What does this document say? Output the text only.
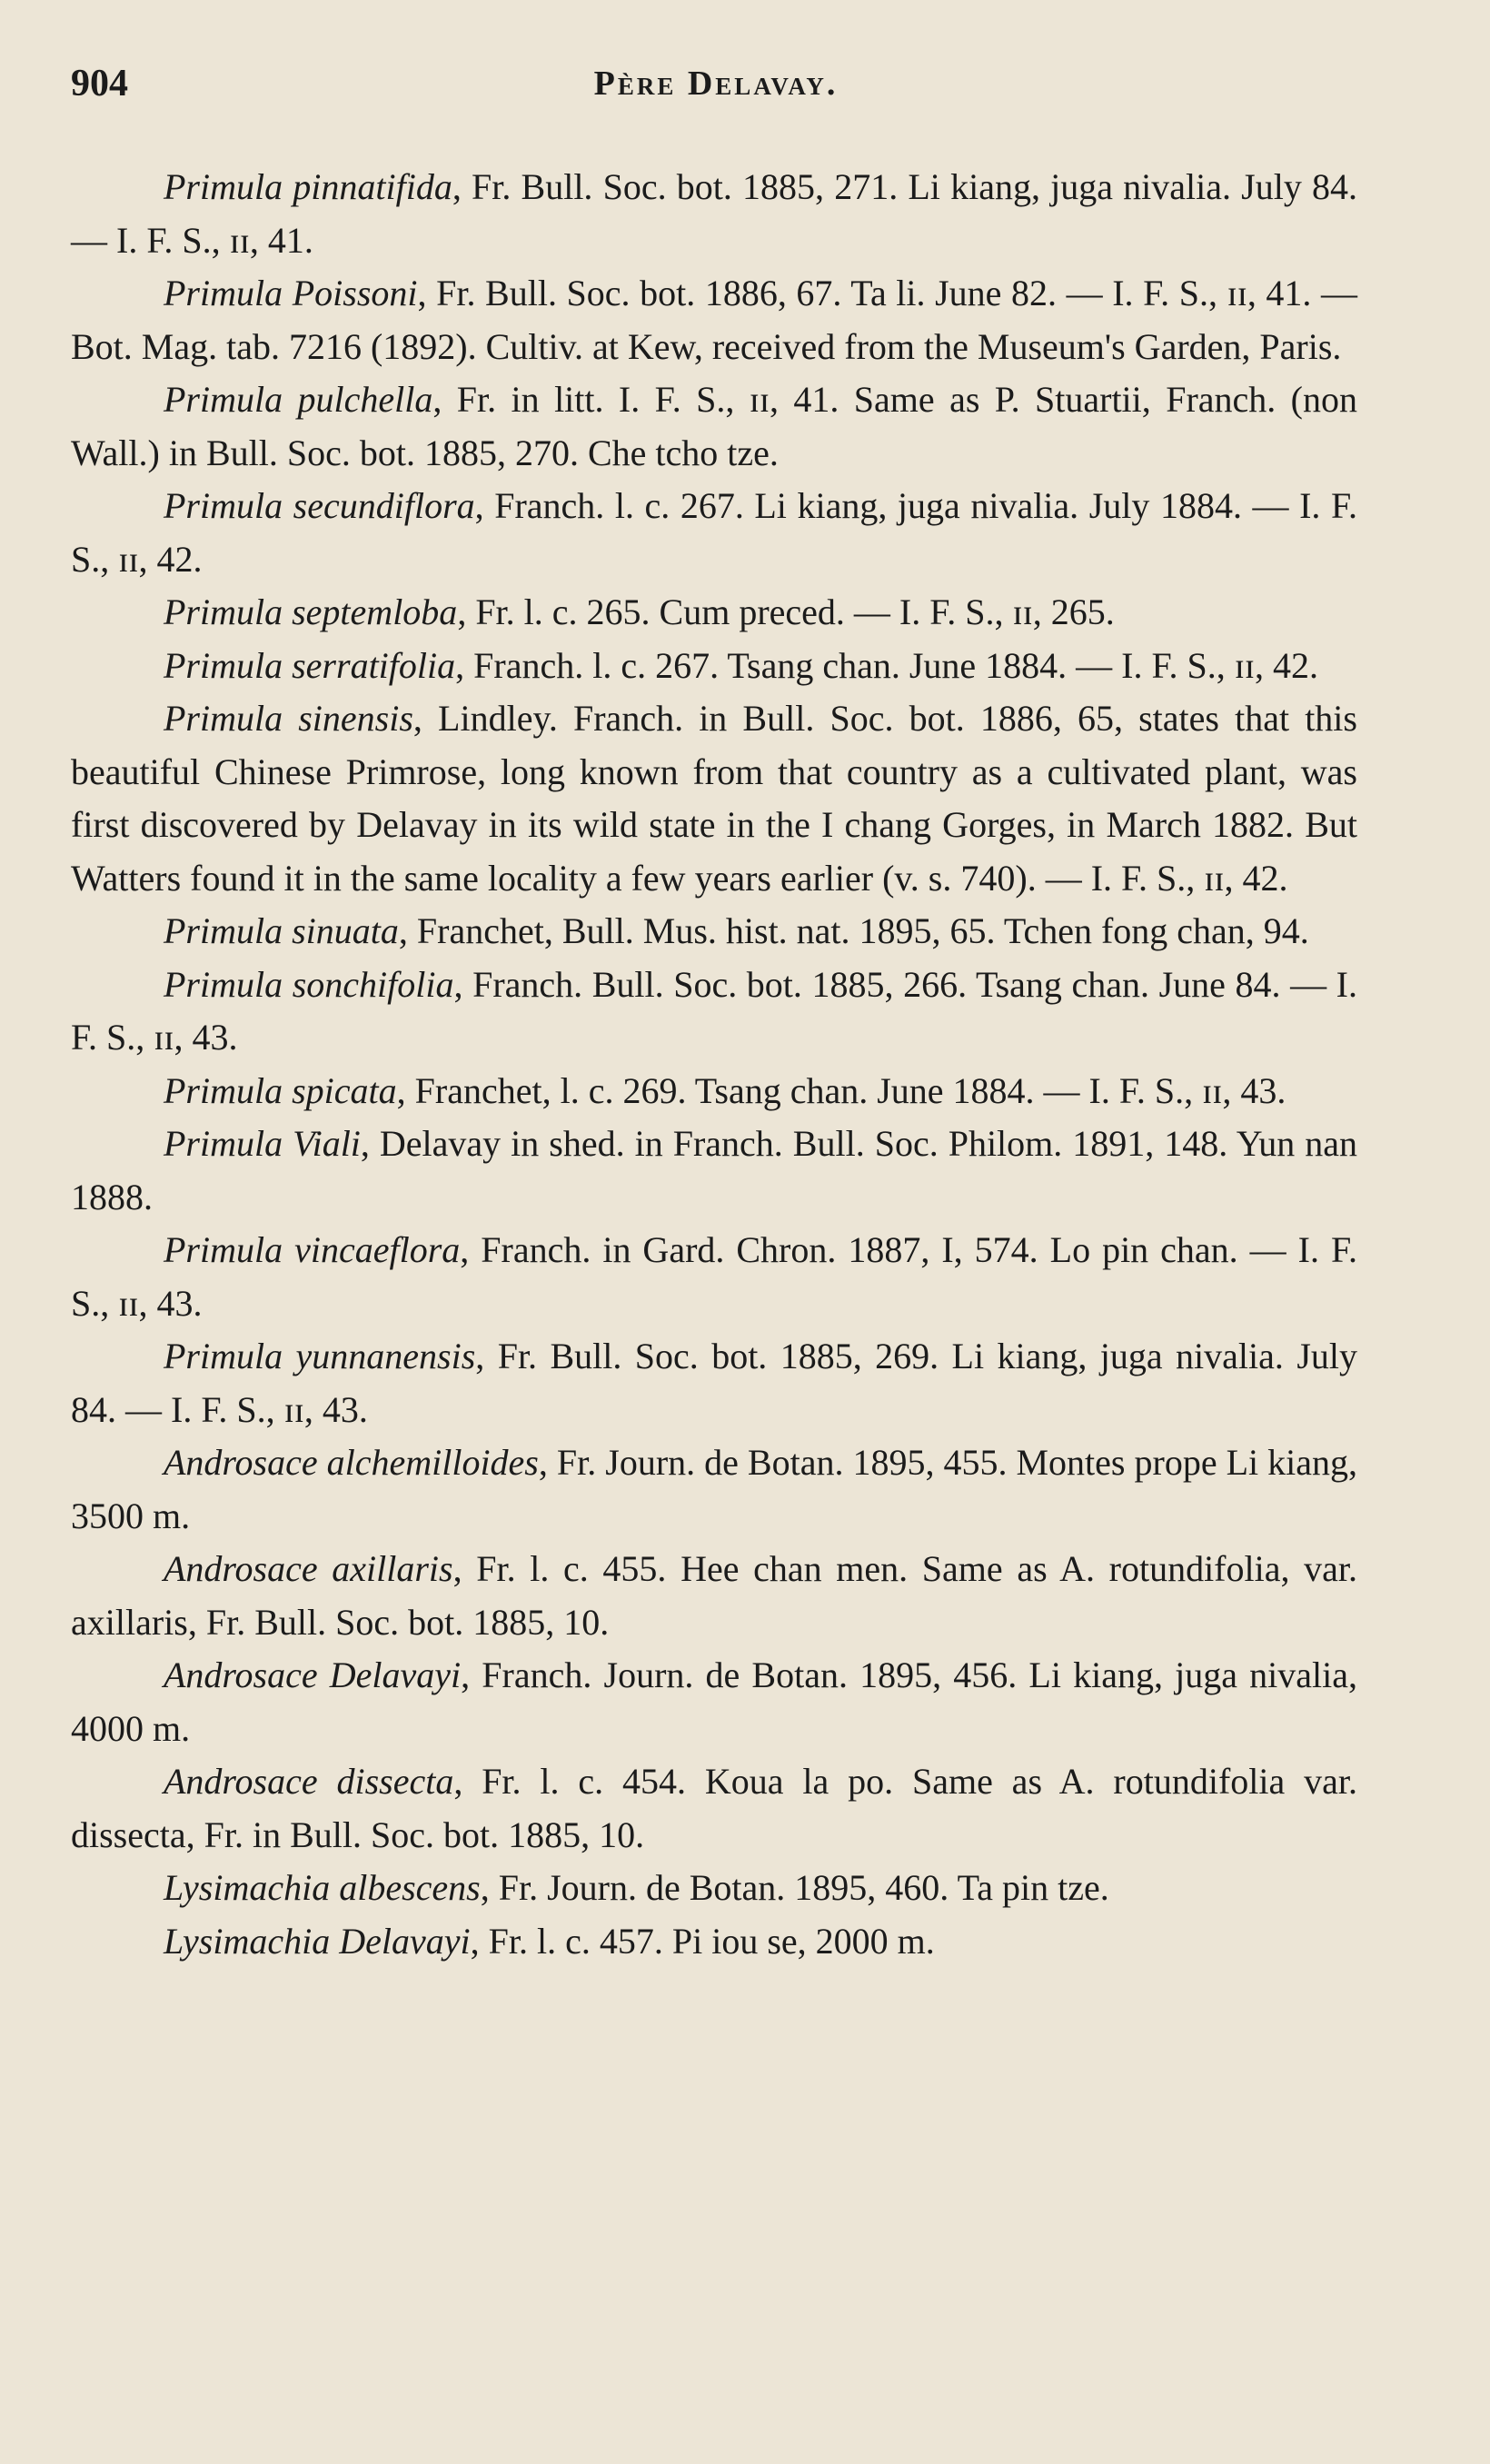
904	Père Delavay.

Primula pinnatifida, Fr. Bull. Soc. bot. 1885, 271. Li kiang, juga nivalia. July 84. — I. F. S., ɪɪ, 41.

Primula Poissoni, Fr. Bull. Soc. bot. 1886, 67. Ta li. June 82. — I. F. S., ɪɪ, 41. — Bot. Mag. tab. 7216 (1892). Cultiv. at Kew, received from the Museum's Garden, Paris.

Primula pulchella, Fr. in litt. I. F. S., ɪɪ, 41. Same as P. Stuartii, Franch. (non Wall.) in Bull. Soc. bot. 1885, 270. Che tcho tze.

Primula secundiflora, Franch. l. c. 267. Li kiang, juga nivalia. July 1884. — I. F. S., ɪɪ, 42.

Primula septemloba, Fr. l. c. 265. Cum preced. — I. F. S., ɪɪ, 265.

Primula serratifolia, Franch. l. c. 267. Tsang chan. June 1884. — I. F. S., ɪɪ, 42.

Primula sinensis, Lindley. Franch. in Bull. Soc. bot. 1886, 65, states that this beautiful Chinese Primrose, long known from that country as a cultivated plant, was first discovered by Delavay in its wild state in the I chang Gorges, in March 1882. But Watters found it in the same locality a few years earlier (v. s. 740). — I. F. S., ɪɪ, 42.

Primula sinuata, Franchet, Bull. Mus. hist. nat. 1895, 65. Tchen fong chan, 94.

Primula sonchifolia, Franch. Bull. Soc. bot. 1885, 266. Tsang chan. June 84. — I. F. S., ɪɪ, 43.

Primula spicata, Franchet, l. c. 269. Tsang chan. June 1884. — I. F. S., ɪɪ, 43.

Primula Viali, Delavay in shed. in Franch. Bull. Soc. Philom. 1891, 148. Yun nan 1888.

Primula vincaeflora, Franch. in Gard. Chron. 1887, I, 574. Lo pin chan. — I. F. S., ɪɪ, 43.

Primula yunnanensis, Fr. Bull. Soc. bot. 1885, 269. Li kiang, juga nivalia. July 84. — I. F. S., ɪɪ, 43.

Androsace alchemilloides, Fr. Journ. de Botan. 1895, 455. Montes prope Li kiang, 3500 m.

Androsace axillaris, Fr. l. c. 455. Hee chan men. Same as A. rotundifolia, var. axillaris, Fr. Bull. Soc. bot. 1885, 10.

Androsace Delavayi, Franch. Journ. de Botan. 1895, 456. Li kiang, juga nivalia, 4000 m.

Androsace dissecta, Fr. l. c. 454. Koua la po. Same as A. rotundifolia var. dissecta, Fr. in Bull. Soc. bot. 1885, 10.

Lysimachia albescens, Fr. Journ. de Botan. 1895, 460. Ta pin tze.

Lysimachia Delavayi, Fr. l. c. 457. Pi iou se, 2000 m.
